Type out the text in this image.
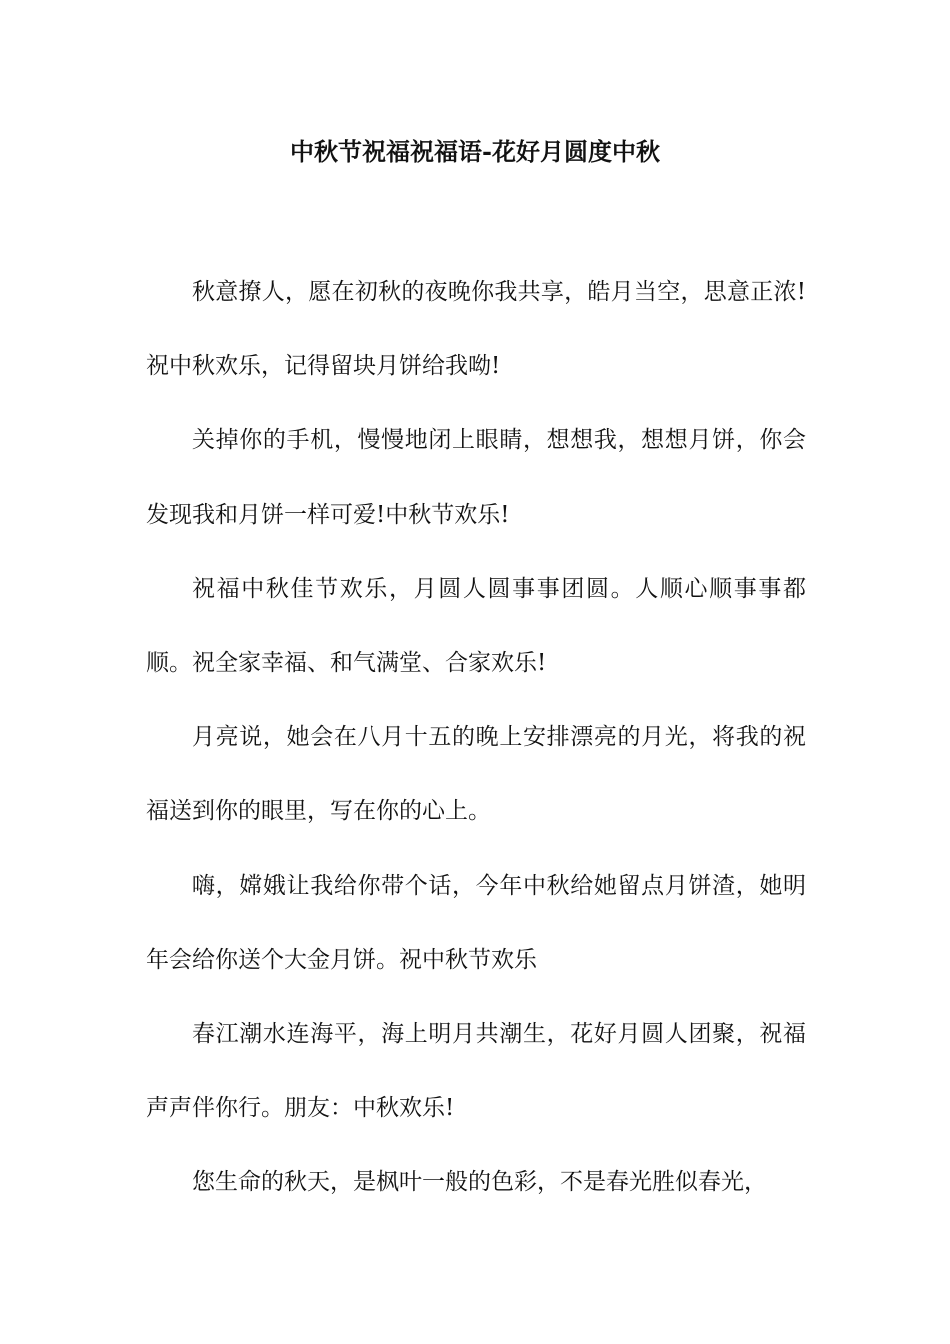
中秋节祝福祝福语-花好月圆度中秋

秋意撩人，愿在初秋的夜晚你我共享，皓月当空，思意正浓!祝中秋欢乐，记得留块月饼给我呦!

关掉你的手机，慢慢地闭上眼睛，想想我，想想月饼，你会发现我和月饼一样可爱!中秋节欢乐!

祝福中秋佳节欢乐，月圆人圆事事团圆。人顺心顺事事都顺。祝全家幸福、和气满堂、合家欢乐!

月亮说，她会在八月十五的晚上安排漂亮的月光，将我的祝福送到你的眼里，写在你的心上。

嗨，嫦娥让我给你带个话，今年中秋给她留点月饼渣，她明年会给你送个大金月饼。祝中秋节欢乐

春江潮水连海平，海上明月共潮生，花好月圆人团聚，祝福声声伴你行。朋友：中秋欢乐!

您生命的秋天，是枫叶一般的色彩，不是春光胜似春光，
